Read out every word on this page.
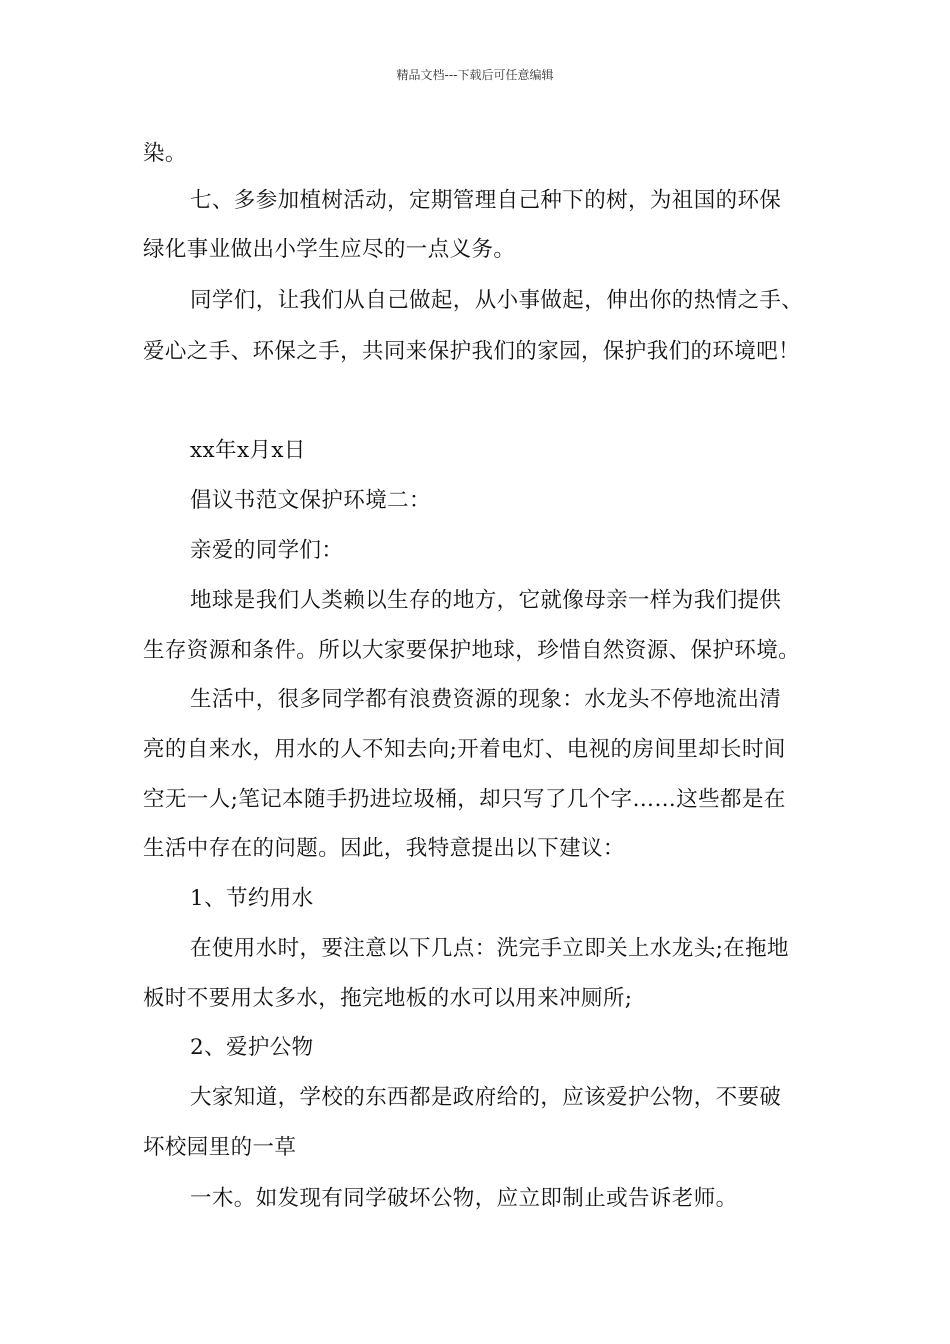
精品文档---下载后可任意编辑
染。
七、多参加植树活动，定期管理自己种下的树，为祖国的环保
绿化事业做出小学生应尽的一点义务。
同学们，让我们从自己做起，从小事做起，伸出你的热情之手、
爱心之手、环保之手，共同来保护我们的家园，保护我们的环境吧！
xx年x月x日
倡议书范文保护环境二：
亲爱的同学们：
地球是我们人类赖以生存的地方，它就像母亲一样为我们提供
生存资源和条件。所以大家要保护地球，珍惜自然资源、保护环境。
生活中，很多同学都有浪费资源的现象：水龙头不停地流出清
亮的自来水，用水的人不知去向;开着电灯、电视的房间里却长时间
空无一人;笔记本随手扔进垃圾桶，却只写了几个字……这些都是在
生活中存在的问题。因此，我特意提出以下建议：
1、节约用水
在使用水时，要注意以下几点：洗完手立即关上水龙头;在拖地
板时不要用太多水，拖完地板的水可以用来冲厕所;
2、爱护公物
大家知道，学校的东西都是政府给的，应该爱护公物，不要破
坏校园里的一草
一木。如发现有同学破坏公物，应立即制止或告诉老师。
